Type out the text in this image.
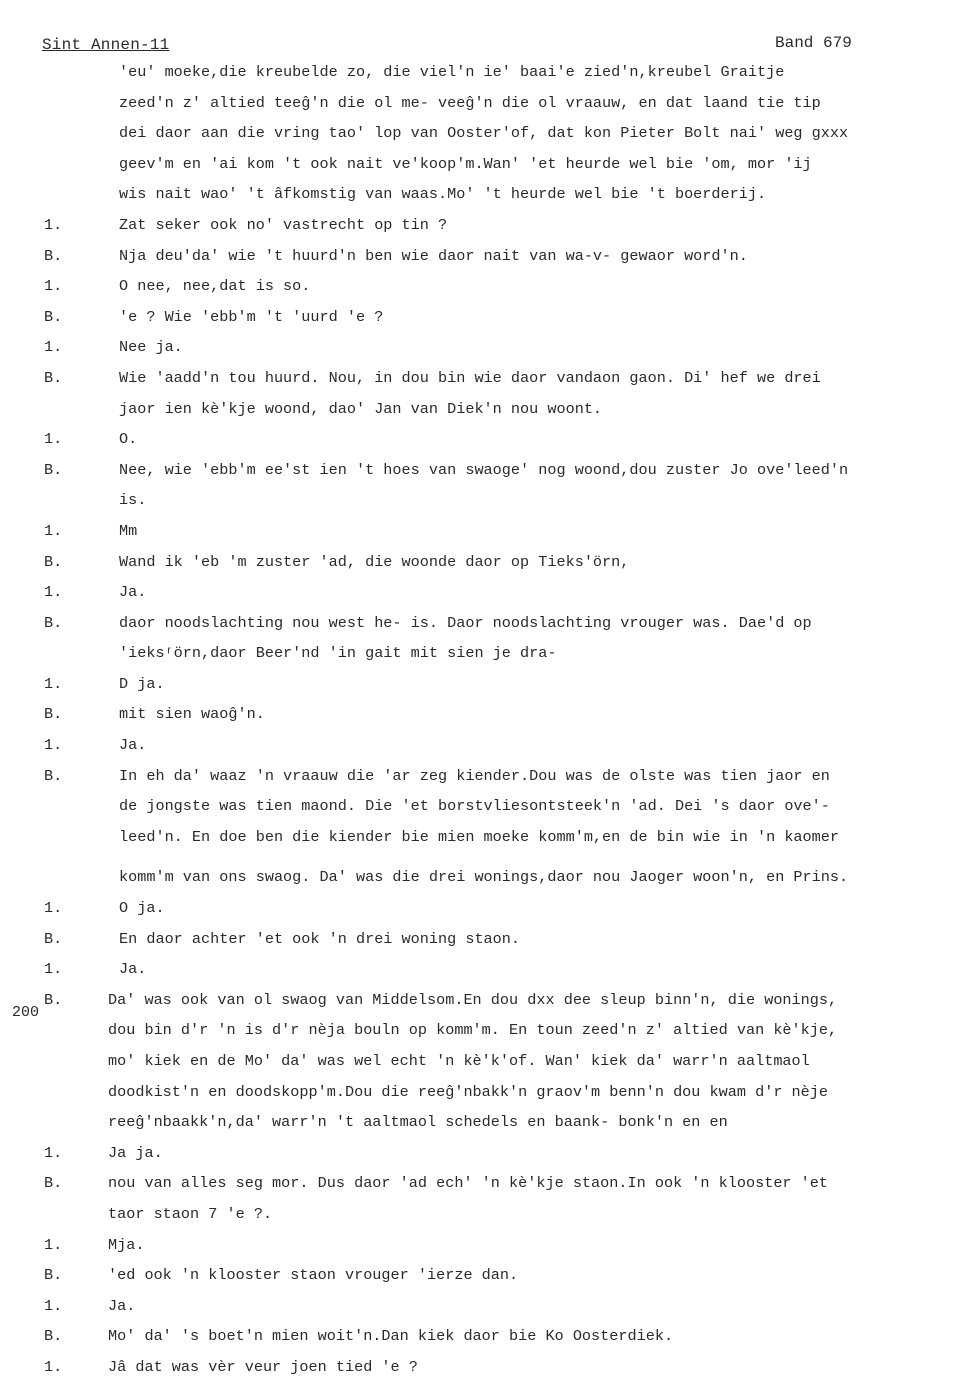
Sint Annen-11	Band 679
200
'eu' moeke,die kreubelde zo, die viel'n ie' baai'e zied'n,kreubel Graitje
zeed'n z' altied teeĝ'n die ol me- veeĝ'n die ol vraauw, en dat laand tie tip
dei daor aan die vring tao' lop van Ooster'of, dat kon Pieter Bolt nai' weg gxxx
geev'm en 'ai kom 't ook nait ve'koop'm.Wan' 'et heurde wel bie 'om, mor 'ij
wis nait wao' 't âfkomstig van waas.Mo' 't heurde wel bie 't boerderij.
1.	Zat seker ook no' vastrecht op tin ?
B.	Nja deu'da' wie 't huurd'n ben wie daor nait van wa-v- gewaor word'n.
1.	O nee, nee,dat is so.
B.	'e ? Wie 'ebb'm 't 'uurd 'e ?
1.	Nee ja.
B.	Wie 'aadd'n tou huurd. Nou, in dou bin wie daor vandaon gaon. Di' hef we drei
jaor ien kè'kje woond, dao' Jan van Diek'n nou woont.
1.	O.
B.	Nee, wie 'ebb'm ee'st ien 't hoes van swaoge' nog woond,dou zuster Jo ove'leed'n
is.
1.	Mm
B.	Wand ik 'eb 'm zuster 'ad, die woonde daor op Tieks'örn,
1.	Ja.
B.	daor noodslachting nou west he- is. Daor noodslachting vrouger was. Dae'd op
'ieksʳörn,daor Beer'nd 'in gait mit sien je dra-
1.	D ja.
B.	mit sien waoĝ'n.
1.	Ja.
B.	In eh da' waaz 'n vraauw die 'ar zeg kiender.Dou was de olste was tien jaor en
de jongste was tien maond. Die 'et borstvliesontsteek'n 'ad. Dei 's daor ove'-
leed'n. En doe ben die kiender bie mien moeke komm'm,en de bin wie in 'n kaomer
komm'm van ons swaog. Da' was die drei wonings,daor nou Jaoger woon'n, en Prins.
1.	O ja.
B.	En daor achter 'et ook 'n drei woning staon.
1.	Ja.
B.	Da' was ook van ol swaog van Middelsom.En dou dxx dee sleup binn'n, die wonings,
dou bin d'r 'n is d'r nèja bouln op komm'm. En toun zeed'n z' altied van kè'kje,
mo' kiek en de Mo' da' was wel echt 'n kè'k'of. Wan' kiek da' warr'n aaltmaol
doodkist'n en doodskopp'm.Dou die reeĝ'nbakk'n graov'm benn'n dou kwam d'r nèje
reeĝ'nbaakk'n,da' warr'n 't aaltmaol schedels en baank- bonk'n en en
1.	Ja ja.
B.	nou van alles seg mor. Dus daor 'ad ech' 'n kè'kje staon.In ook 'n klooster 'et
taor staon 7 'e ?.
1.	Mja.
B.	'ed ook 'n klooster staon vrouger 'ierze dan.
1.	Ja.
B.	Mo' da' 's boet'n mien woit'n.Dan kiek daor bie Ko Oosterdiek.
1.	Jâ dat was vèr veur joen tied 'e ?
